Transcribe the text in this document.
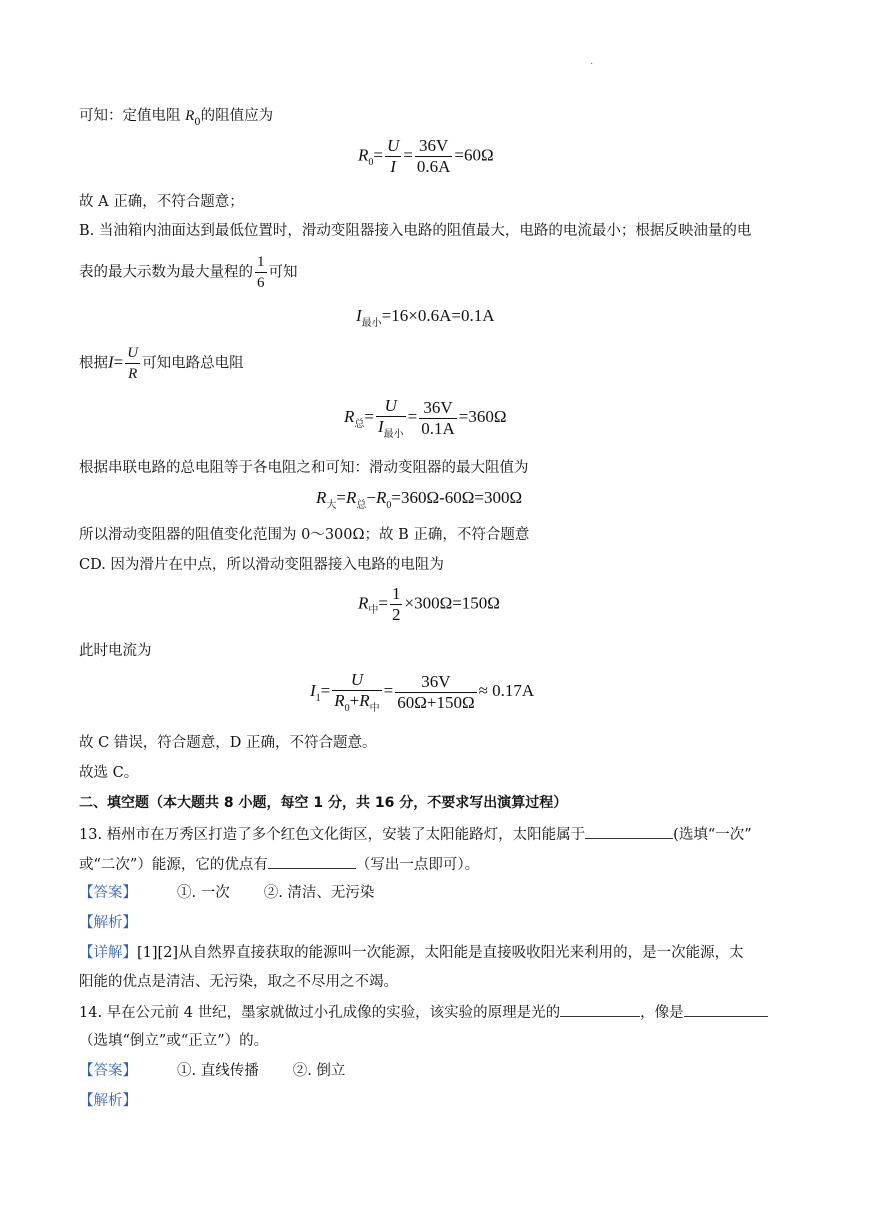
.
可知：定值电阻 $R_0$的阻值应为
$R_0= \frac{U}{I} = \frac{36V}{0.6A} =60\Omega$
故 A 正确，不符合题意；
B. 当油箱内油面达到最低位置时，滑动变阻器接入电路的阻值最大，电路的电流最小；根据反映油量的电
表的最大示数为最大量程的 $\frac{1}{6}$ 可知
$I_{最小}=16\times 0.6A=0.1A$
根据$I= \frac{U}{R}$ 可知电路总电阻
$R_总= \frac{U}{I_{最小}} = \frac{36V}{0.1A} =360\Omega$
根据串联电路的总电阻等于各电阻之和可知：滑动变阻器的最大阻值为
$R_大=R_总-R_0=360\Omega-60\Omega=300\Omega$
所以滑动变阻器的阻值变化范围为 0～300Ω；故 B 正确，不符合题意
CD. 因为滑片在中点，所以滑动变阻器接入电路的电阻为
$R_中= \frac{1}{2} \times 300\Omega=150\Omega$
此时电流为
$I_1= \frac{U}{R_0+R_中} = \frac{36V}{60\Omega+150\Omega} \approx 0.17A$
故 C 错误，符合题意，D 正确，不符合题意。
故选 C。
二、填空题（本大题共 8 小题，每空 1 分，共 16 分，不要求写出演算过程）
13. 梧州市在万秀区打造了多个红色文化街区，安装了太阳能路灯，太阳能属于	(选填“一次”
或“二次”）能源，它的优点有	（写出一点即可）。
【答案】	①. 一次 ②. 清洁、无污染
【解析】
【详解】[1][2]从自然界直接获取的能源叫一次能源，太阳能是直接吸收阳光来利用的，是一次能源，太
阳能的优点是清洁、无污染，取之不尽用之不竭。
14. 早在公元前 4 世纪，墨家就做过小孔成像的实验，该实验的原理是光的	，像是
（选填“倒立”或“正立”）的。
【答案】	①. 直线传播 ②. 倒立
【解析】
